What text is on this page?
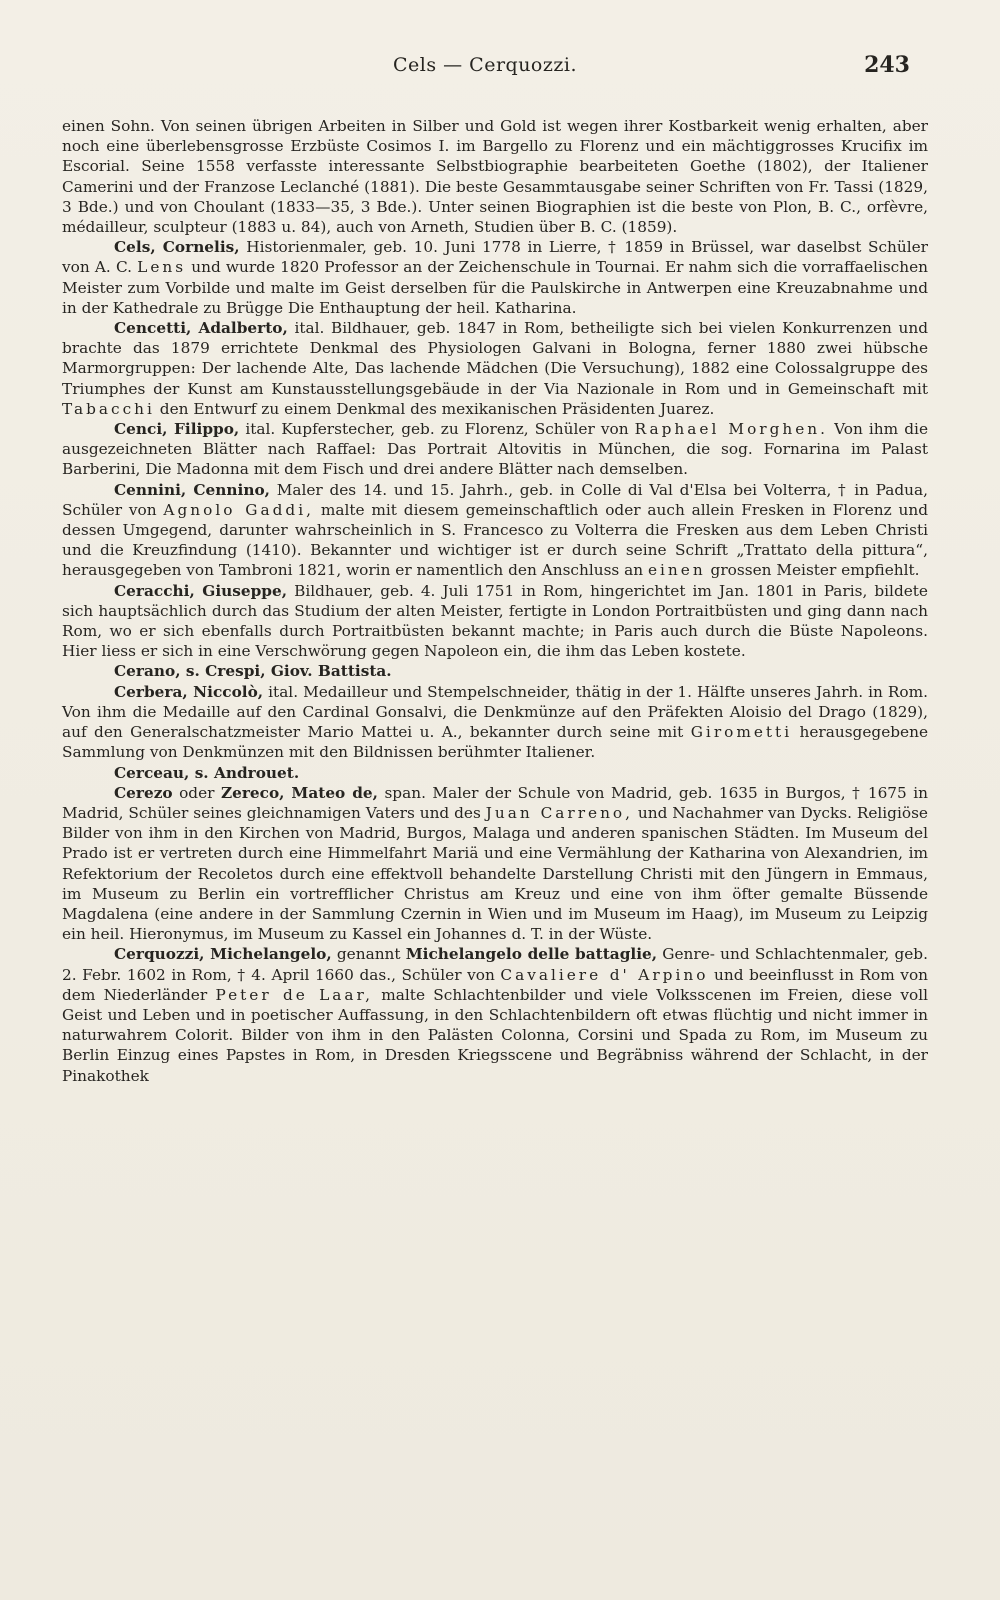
Cels — Cerquozzi.	243

einen Sohn. Von seinen übrigen Arbeiten in Silber und Gold ist wegen ihrer Kostbarkeit wenig erhalten, aber noch eine überlebensgrosse Erzbüste Cosimos I. im Bargello zu Florenz und ein mächtiggrosses Krucifix im Escorial. Seine 1558 verfasste interessante Selbstbiographie bearbeiteten Goethe (1802), der Italiener Camerini und der Franzose Leclanché (1881). Die beste Gesammtausgabe seiner Schriften von Fr. Tassi (1829, 3 Bde.) und von Choulant (1833—35, 3 Bde.). Unter seinen Biographien ist die beste von Plon, B. C., orfèvre, médailleur, sculpteur (1883 u. 84), auch von Arneth, Studien über B. C. (1859).

Cels, Cornelis, Historienmaler, geb. 10. Juni 1778 in Lierre, † 1859 in Brüssel, war daselbst Schüler von A. C. Lens und wurde 1820 Professor an der Zeichenschule in Tournai. Er nahm sich die vorraffaelischen Meister zum Vorbilde und malte im Geist derselben für die Paulskirche in Antwerpen eine Kreuzabnahme und in der Kathedrale zu Brügge Die Enthauptung der heil. Katharina.

Cencetti, Adalberto, ital. Bildhauer, geb. 1847 in Rom, betheiligte sich bei vielen Konkurrenzen und brachte das 1879 errichtete Denkmal des Physiologen Galvani in Bologna, ferner 1880 zwei hübsche Marmorgruppen: Der lachende Alte, Das lachende Mädchen (Die Versuchung), 1882 eine Colossalgruppe des Triumphes der Kunst am Kunstausstellungsgebäude in der Via Nazionale in Rom und in Gemeinschaft mit Tabacchi den Entwurf zu einem Denkmal des mexikanischen Präsidenten Juarez.

Cenci, Filippo, ital. Kupferstecher, geb. zu Florenz, Schüler von Raphael Morghen. Von ihm die ausgezeichneten Blätter nach Raffael: Das Portrait Altovitis in München, die sog. Fornarina im Palast Barberini, Die Madonna mit dem Fisch und drei andere Blätter nach demselben.

Cennini, Cennino, Maler des 14. und 15. Jahrh., geb. in Colle di Val d'Elsa bei Volterra, † in Padua, Schüler von Agnolo Gaddi, malte mit diesem gemeinschaftlich oder auch allein Fresken in Florenz und dessen Umgegend, darunter wahrscheinlich in S. Francesco zu Volterra die Fresken aus dem Leben Christi und die Kreuzfindung (1410). Bekannter und wichtiger ist er durch seine Schrift „Trattato della pittura“, herausgegeben von Tambroni 1821, worin er namentlich den Anschluss an einen grossen Meister empfiehlt.

Ceracchi, Giuseppe, Bildhauer, geb. 4. Juli 1751 in Rom, hingerichtet im Jan. 1801 in Paris, bildete sich hauptsächlich durch das Studium der alten Meister, fertigte in London Portraitbüsten und ging dann nach Rom, wo er sich ebenfalls durch Portraitbüsten bekannt machte; in Paris auch durch die Büste Napoleons. Hier liess er sich in eine Verschwörung gegen Napoleon ein, die ihm das Leben kostete.

Cerano, s. Crespi, Giov. Battista.

Cerbera, Niccolò, ital. Medailleur und Stempelschneider, thätig in der 1. Hälfte unseres Jahrh. in Rom. Von ihm die Medaille auf den Cardinal Gonsalvi, die Denkmünze auf den Präfekten Aloisio del Drago (1829), auf den Generalschatzmeister Mario Mattei u. A., bekannter durch seine mit Girometti herausgegebene Sammlung von Denkmünzen mit den Bildnissen berühmter Italiener.

Cerceau, s. Androuet.

Cerezo oder Zereco, Mateo de, span. Maler der Schule von Madrid, geb. 1635 in Burgos, † 1675 in Madrid, Schüler seines gleichnamigen Vaters und des Juan Carreno, und Nachahmer van Dycks. Religiöse Bilder von ihm in den Kirchen von Madrid, Burgos, Malaga und anderen spanischen Städten. Im Museum del Prado ist er vertreten durch eine Himmelfahrt Mariä und eine Vermählung der Katharina von Alexandrien, im Refektorium der Recoletos durch eine effektvoll behandelte Darstellung Christi mit den Jüngern in Emmaus, im Museum zu Berlin ein vortrefflicher Christus am Kreuz und eine von ihm öfter gemalte Büssende Magdalena (eine andere in der Sammlung Czernin in Wien und im Museum im Haag), im Museum zu Leipzig ein heil. Hieronymus, im Museum zu Kassel ein Johannes d. T. in der Wüste.

Cerquozzi, Michelangelo, genannt Michelangelo delle battaglie, Genre- und Schlachtenmaler, geb. 2. Febr. 1602 in Rom, † 4. April 1660 das., Schüler von Cavaliere d' Arpino und beeinflusst in Rom von dem Niederländer Peter de Laar, malte Schlachtenbilder und viele Volksscenen im Freien, diese voll Geist und Leben und in poetischer Auffassung, in den Schlachtenbildern oft etwas flüchtig und nicht immer in naturwahrem Colorit. Bilder von ihm in den Palästen Colonna, Corsini und Spada zu Rom, im Museum zu Berlin Einzug eines Papstes in Rom, in Dresden Kriegsscene und Begräbniss während der Schlacht, in der Pinakothek
